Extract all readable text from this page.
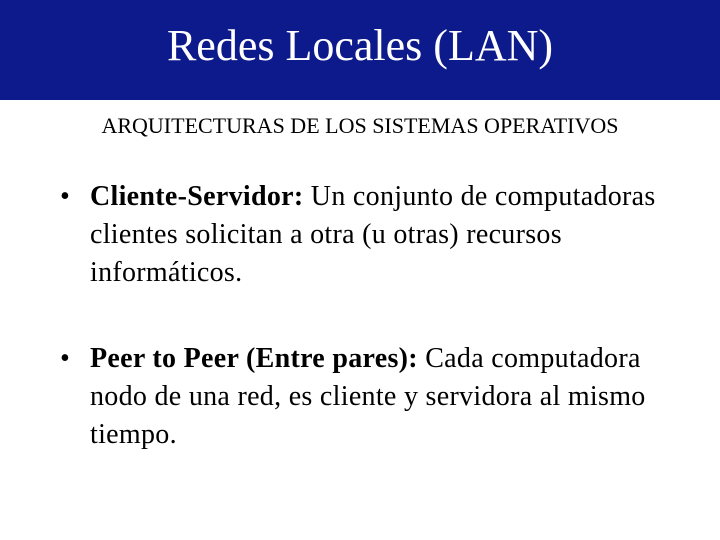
Redes Locales (LAN)
ARQUITECTURAS DE LOS SISTEMAS OPERATIVOS
• Cliente-Servidor: Un conjunto de computadoras clientes solicitan a otra (u otras) recursos informáticos.
• Peer to Peer (Entre pares): Cada computadora nodo de una red, es cliente y servidora al mismo tiempo.
